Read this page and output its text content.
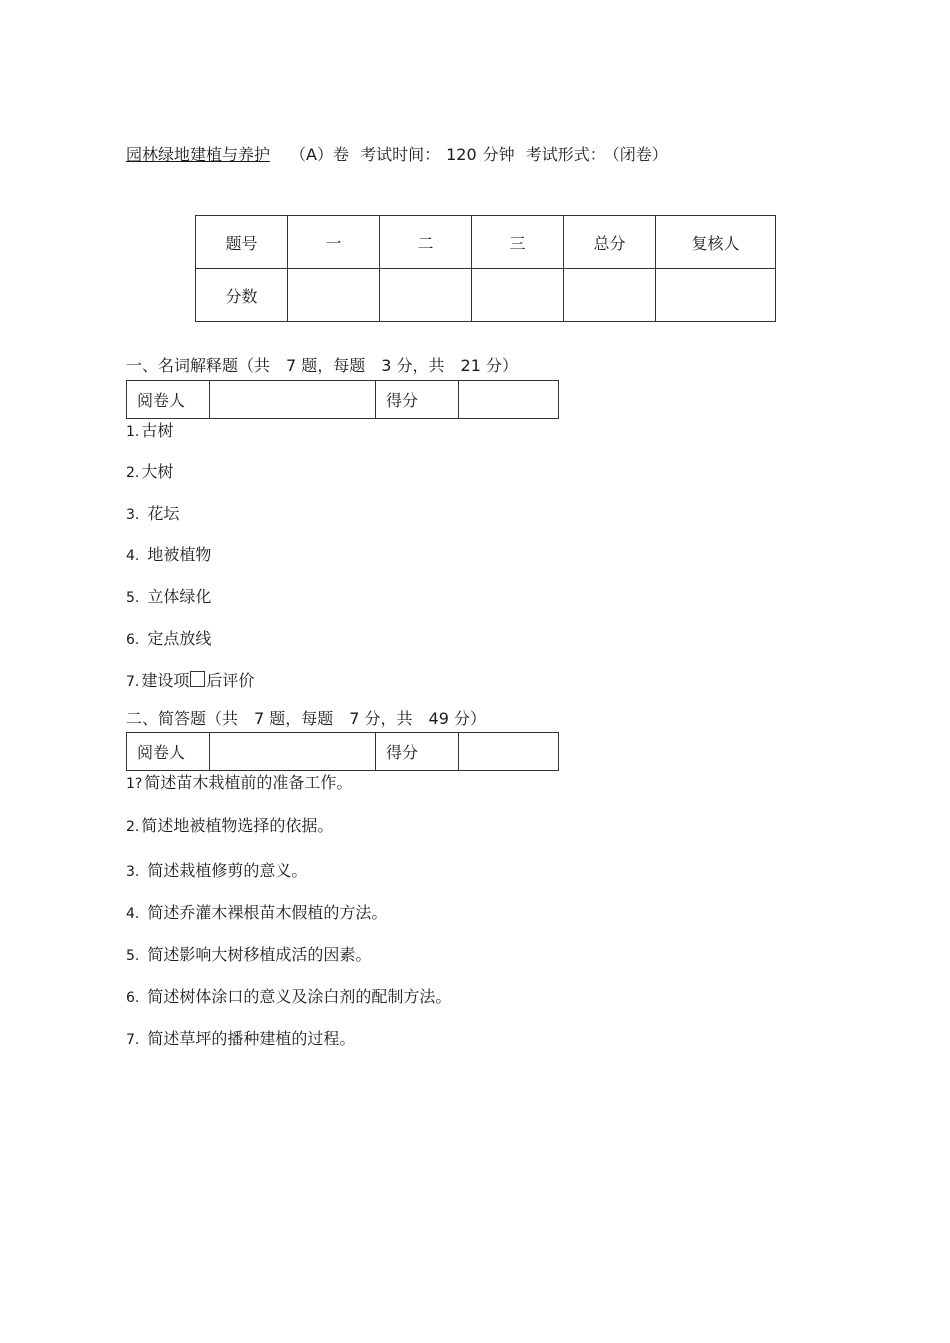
园林绿地建植与养护 （A）卷 考试时间： 120 分钟 考试形式： （闭卷）
题号	一	二	三	总分	复核人
分数					
一、名词解释题（共　7 题，每题　3 分，共　21 分）
阅卷人		得分	
1. 古树
2. 大树
3. 花坛
4. 地被植物
5. 立体绿化
6. 定点放线
7. 建设项 后评价
二、简答题（共　7 题，每题　7 分，共　49 分）
阅卷人		得分	
1? 简述苗木栽植前的准备工作。
2. 简述地被植物选择的依据。
3. 简述栽植修剪的意义。
4. 简述乔灌木裸根苗木假植的方法。
5. 简述影响大树移植成活的因素。
6. 简述树体涂口的意义及涂白剂的配制方法。
7. 简述草坪的播种建植的过程。
